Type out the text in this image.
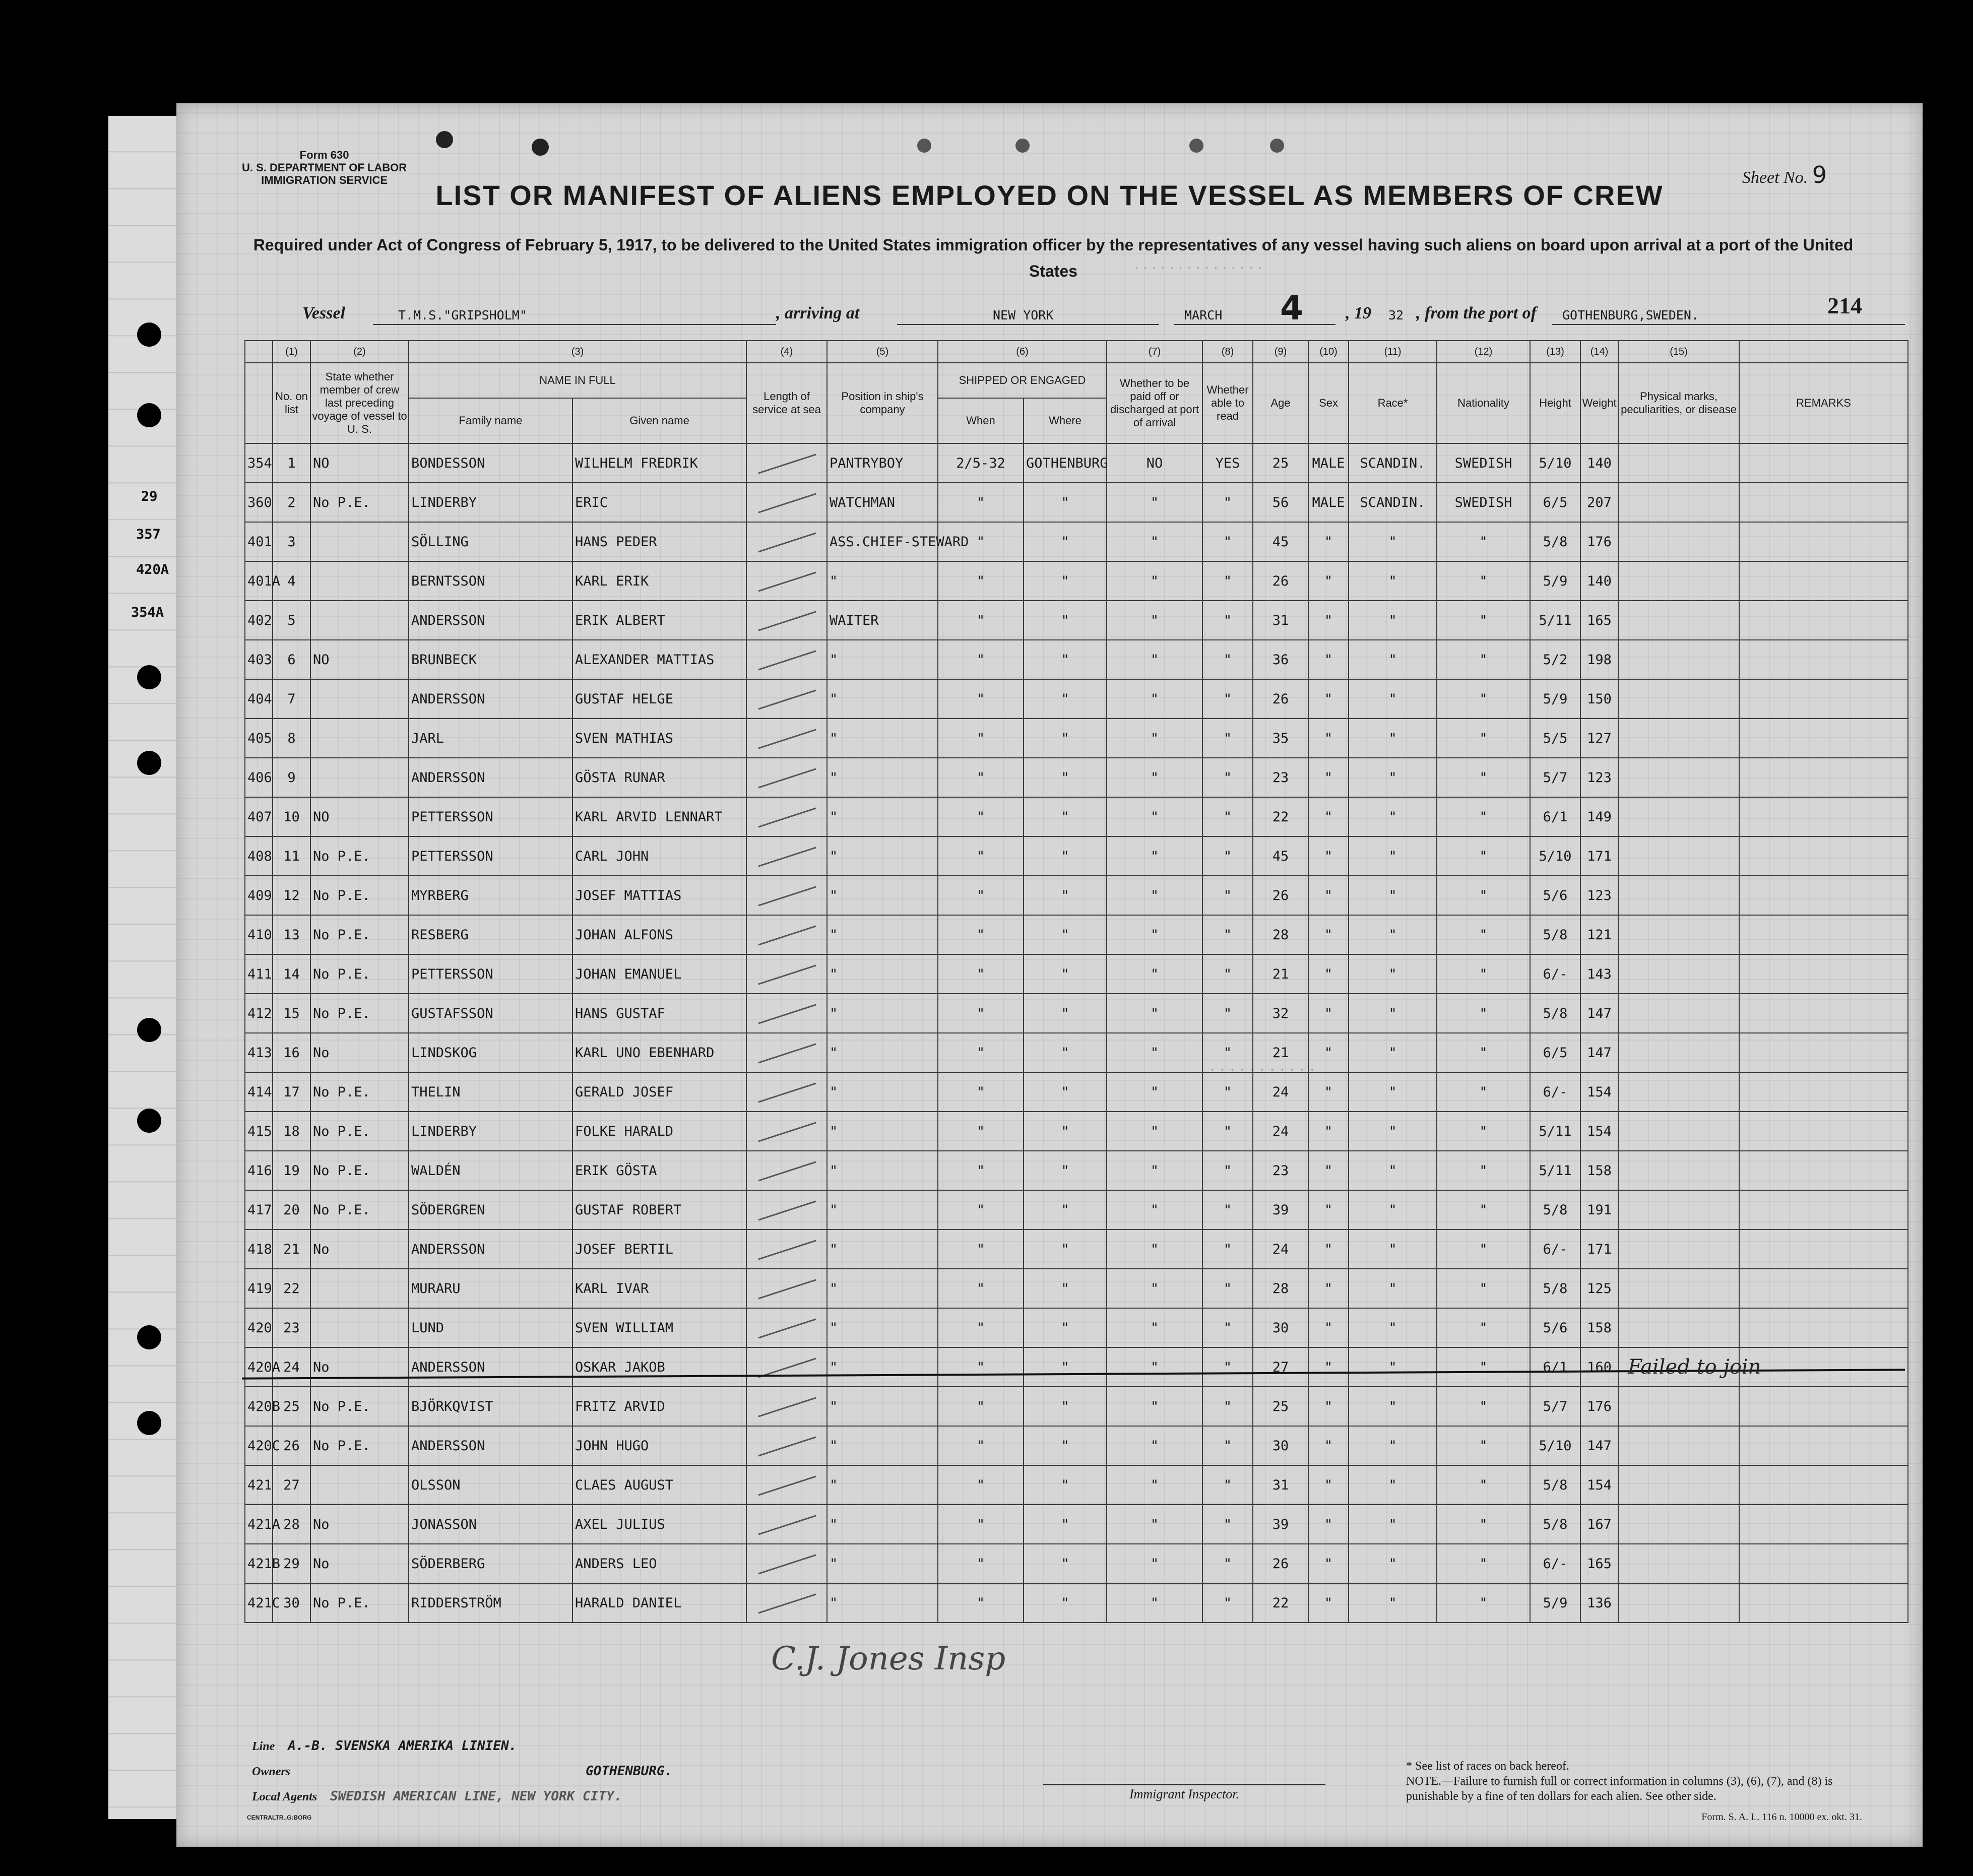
· · · · · · · · · · · · · · ·
· · · · · · · · · · ·
Form 630
U. S. DEPARTMENT OF LABOR
IMMIGRATION SERVICE	Sheet No. 9
LIST OR MANIFEST OF ALIENS EMPLOYED ON THE VESSEL AS MEMBERS OF CREW
Required under Act of Congress of February 5, 1917, to be delivered to the United States immigration officer by the representatives of any vessel having such aliens on board upon arrival at a port of the United States
Vessel	T.M.S."GRIPSHOLM"	, arriving at	NEW YORK	MARCH 4 , 19 32 , from the port of GOTHENBURG,SWEDEN.	214
29
357
420A
354A
	(1)	(2)	(3)		(4)	(5)	(6)		(7)	(8)	(9)	(10)	(11)	(12)	(13)	(14)	(15)	
	No. on list	State whether member of crew last preceding voyage of vessel to U. S.	NAME IN FULL		Length of service at sea	Position in ship's company	SHIPPED OR ENGAGED		Whether to be paid off or discharged at port of arrival	Whether able to read	Age	Sex	Race*	Nationality	Height	Weight	Physical marks, peculiarities, or disease	REMARKS
			Family name	Given name			When	Where										
354	1	NO	BONDESSON	WILHELM FREDRIK		PANTRYBOY	2/5-32	GOTHENBURG	NO	YES	25	MALE	SCANDIN.	SWEDISH	5/10	140		
360	2	No P.E.	LINDERBY	ERIC		WATCHMAN	"	"	"	"	56	MALE	SCANDIN.	SWEDISH	6/5	207		
401	3		SÖLLING	HANS PEDER		ASS.CHIEF-STEWARD	"	"	"	"	45	"	"	"	5/8	176		
401A	4		BERNTSSON	KARL ERIK		"	"	"	"	"	26	"	"	"	5/9	140		
402	5		ANDERSSON	ERIK ALBERT		WAITER	"	"	"	"	31	"	"	"	5/11	165		
403	6	NO	BRUNBECK	ALEXANDER MATTIAS		"	"	"	"	"	36	"	"	"	5/2	198		
404	7		ANDERSSON	GUSTAF HELGE		"	"	"	"	"	26	"	"	"	5/9	150		
405	8		JARL	SVEN MATHIAS		"	"	"	"	"	35	"	"	"	5/5	127		
406	9		ANDERSSON	GÖSTA RUNAR		"	"	"	"	"	23	"	"	"	5/7	123		
407	10	NO	PETTERSSON	KARL ARVID LENNART		"	"	"	"	"	22	"	"	"	6/1	149		
408	11	No P.E.	PETTERSSON	CARL JOHN		"	"	"	"	"	45	"	"	"	5/10	171		
409	12	No P.E.	MYRBERG	JOSEF MATTIAS		"	"	"	"	"	26	"	"	"	5/6	123		
410	13	No P.E.	RESBERG	JOHAN ALFONS		"	"	"	"	"	28	"	"	"	5/8	121		
411	14	No P.E.	PETTERSSON	JOHAN EMANUEL		"	"	"	"	"	21	"	"	"	6/-	143		
412	15	No P.E.	GUSTAFSSON	HANS GUSTAF		"	"	"	"	"	32	"	"	"	5/8	147		
413	16	No	LINDSKOG	KARL UNO EBENHARD		"	"	"	"	"	21	"	"	"	6/5	147		
414	17	No P.E.	THELIN	GERALD JOSEF		"	"	"	"	"	24	"	"	"	6/-	154		
415	18	No P.E.	LINDERBY	FOLKE HARALD		"	"	"	"	"	24	"	"	"	5/11	154		
416	19	No P.E.	WALDÉN	ERIK GÖSTA		"	"	"	"	"	23	"	"	"	5/11	158		
417	20	No P.E.	SÖDERGREN	GUSTAF ROBERT		"	"	"	"	"	39	"	"	"	5/8	191		
418	21	No	ANDERSSON	JOSEF BERTIL		"	"	"	"	"	24	"	"	"	6/-	171		
419	22		MURARU	KARL IVAR		"	"	"	"	"	28	"	"	"	5/8	125		
420	23		LUND	SVEN WILLIAM		"	"	"	"	"	30	"	"	"	5/6	158		
420A	24	No	ANDERSSON	OSKAR JAKOB		"	"	"	"	"	27	"	"	"	6/1	160		
420B	25	No P.E.	BJÖRKQVIST	FRITZ ARVID		"	"	"	"	"	25	"	"	"	5/7	176		
420C	26	No P.E.	ANDERSSON	JOHN HUGO		"	"	"	"	"	30	"	"	"	5/10	147		
421	27		OLSSON	CLAES AUGUST		"	"	"	"	"	31	"	"	"	5/8	154		
421A	28	No	JONASSON	AXEL JULIUS		"	"	"	"	"	39	"	"	"	5/8	167		
421B	29	No	SÖDERBERG	ANDERS LEO		"	"	"	"	"	26	"	"	"	6/-	165		
421C	30	No P.E.	RIDDERSTRÖM	HARALD DANIEL		"	"	"	"	"	22	"	"	"	5/9	136		
Failed to join
C.J. Jones Insp
Line A.-B. SVENSKA AMERIKA LINIEN.
Owners	GOTHENBURG.
Local Agents SWEDISH AMERICAN LINE, NEW YORK CITY.
CENTRALTR.,G:BORG
Immigrant Inspector.
* See list of races on back hereof.
NOTE.—Failure to furnish full or correct information in columns (3), (6), (7), and (8) is punishable by a fine of ten dollars for each alien. See other side.
Form. S. A. L. 116 n. 10000 ex. okt. 31.
